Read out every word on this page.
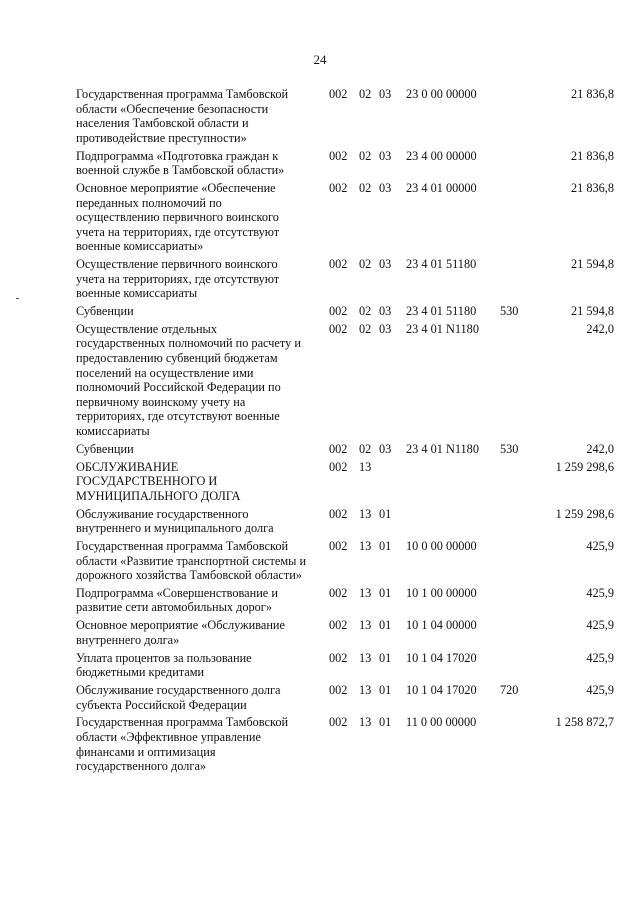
24
Государственная программа Тамбовской области «Обеспечение безопасности населения Тамбовской области и противодействие преступности»
002 02 03 23 0 00 00000	21 836,8
Подпрограмма «Подготовка граждан к военной службе в Тамбовской области»
002 02 03 23 4 00 00000	21 836,8
Основное мероприятие «Обеспечение переданных полномочий по осуществлению первичного воинского учета на территориях, где отсутствуют военные комиссариаты»
002 02 03 23 4 01 00000	21 836,8
Осуществление первичного воинского учета на территориях, где отсутствуют военные комиссариаты
002 02 03 23 4 01 51180	21 594,8
Субвенции	002 02 03 23 4 01 51180 530	21 594,8
Осуществление отдельных государственных полномочий по расчету и предоставлению субвенций бюджетам поселений на осуществление ими полномочий Российской Федерации по первичному воинскому учету на территориях, где отсутствуют военные комиссариаты
002 02 03 23 4 01 N1180	242,0
Субвенции	002 02 03 23 4 01 N1180 530	242,0
ОБСЛУЖИВАНИЕ ГОСУДАРСТВЕННОГО И МУНИЦИПАЛЬНОГО ДОЛГА
002 13	1 259 298,6
Обслуживание государственного внутреннего и муниципального долга
002 13 01	1 259 298,6
Государственная программа Тамбовской области «Развитие транспортной системы и дорожного хозяйства Тамбовской области»
002 13 01 10 0 00 00000	425,9
Подпрограмма «Совершенствование и развитие сети автомобильных дорог»
002 13 01 10 1 00 00000	425,9
Основное мероприятие «Обслуживание внутреннего долга»
002 13 01 10 1 04 00000	425,9
Уплата процентов за пользование бюджетными кредитами
002 13 01 10 1 04 17020	425,9
Обслуживание государственного долга субъекта Российской Федерации
002 13 01 10 1 04 17020 720	425,9
Государственная программа Тамбовской области «Эффективное управление финансами и оптимизация государственного долга»
002 13 01 11 0 00 00000	1 258 872,7
